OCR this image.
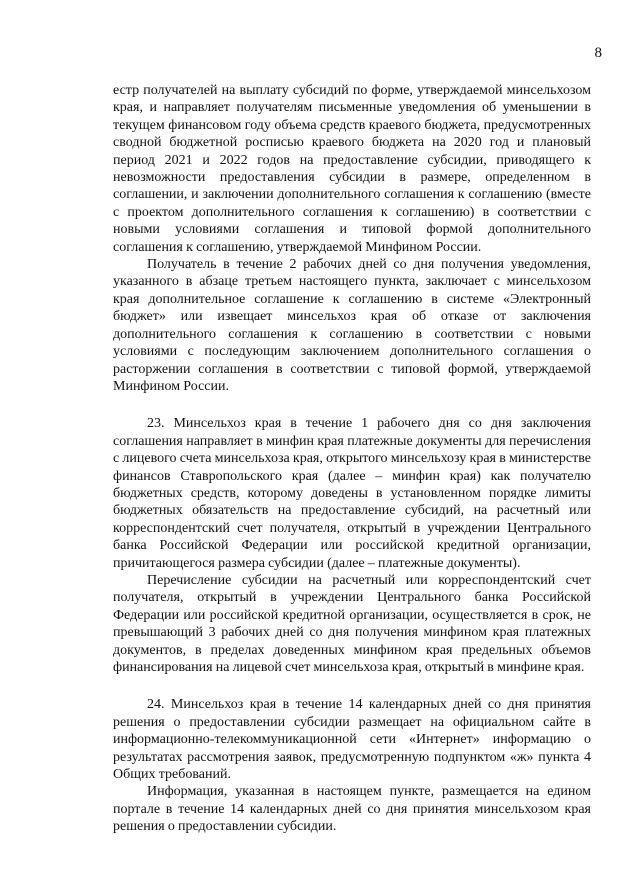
8

естр получателей на выплату субсидий по форме, утверждаемой минсельхозом края, и направляет получателям письменные уведомления об уменьшении в текущем финансовом году объема средств краевого бюджета, предусмотренных сводной бюджетной росписью краевого бюджета на 2020 год и плановый период 2021 и 2022 годов на предоставление субсидии, приводящего к невозможности предоставления субсидии в размере, определенном в соглашении, и заключении дополнительного соглашения к соглашению (вместе с проектом дополнительного соглашения к соглашению) в соответствии с новыми условиями соглашения и типовой формой дополнительного соглашения к соглашению, утверждаемой Минфином России.

Получатель в течение 2 рабочих дней со дня получения уведомления, указанного в абзаце третьем настоящего пункта, заключает с минсельхозом края дополнительное соглашение к соглашению в системе «Электронный бюджет» или извещает минсельхоз края об отказе от заключения дополнительного соглашения к соглашению в соответствии с новыми условиями с последующим заключением дополнительного соглашения о расторжении соглашения в соответствии с типовой формой, утверждаемой Минфином России.

23. Минсельхоз края в течение 1 рабочего дня со дня заключения соглашения направляет в минфин края платежные документы для перечисления с лицевого счета минсельхоза края, открытого минсельхозу края в министерстве финансов Ставропольского края (далее – минфин края) как получателю бюджетных средств, которому доведены в установленном порядке лимиты бюджетных обязательств на предоставление субсидий, на расчетный или корреспондентский счет получателя, открытый в учреждении Центрального банка Российской Федерации или российской кредитной организации, причитающегося размера субсидии (далее – платежные документы).

Перечисление субсидии на расчетный или корреспондентский счет получателя, открытый в учреждении Центрального банка Российской Федерации или российской кредитной организации, осуществляется в срок, не превышающий 3 рабочих дней со дня получения минфином края платежных документов, в пределах доведенных минфином края предельных объемов финансирования на лицевой счет минсельхоза края, открытый в минфине края.

24. Минсельхоз края в течение 14 календарных дней со дня принятия решения о предоставлении субсидии размещает на официальном сайте в информационно-телекоммуникационной сети «Интернет» информацию о результатах рассмотрения заявок, предусмотренную подпунктом «ж» пункта 4 Общих требований.

Информация, указанная в настоящем пункте, размещается на едином портале в течение 14 календарных дней со дня принятия минсельхозом края решения о предоставлении субсидии.
